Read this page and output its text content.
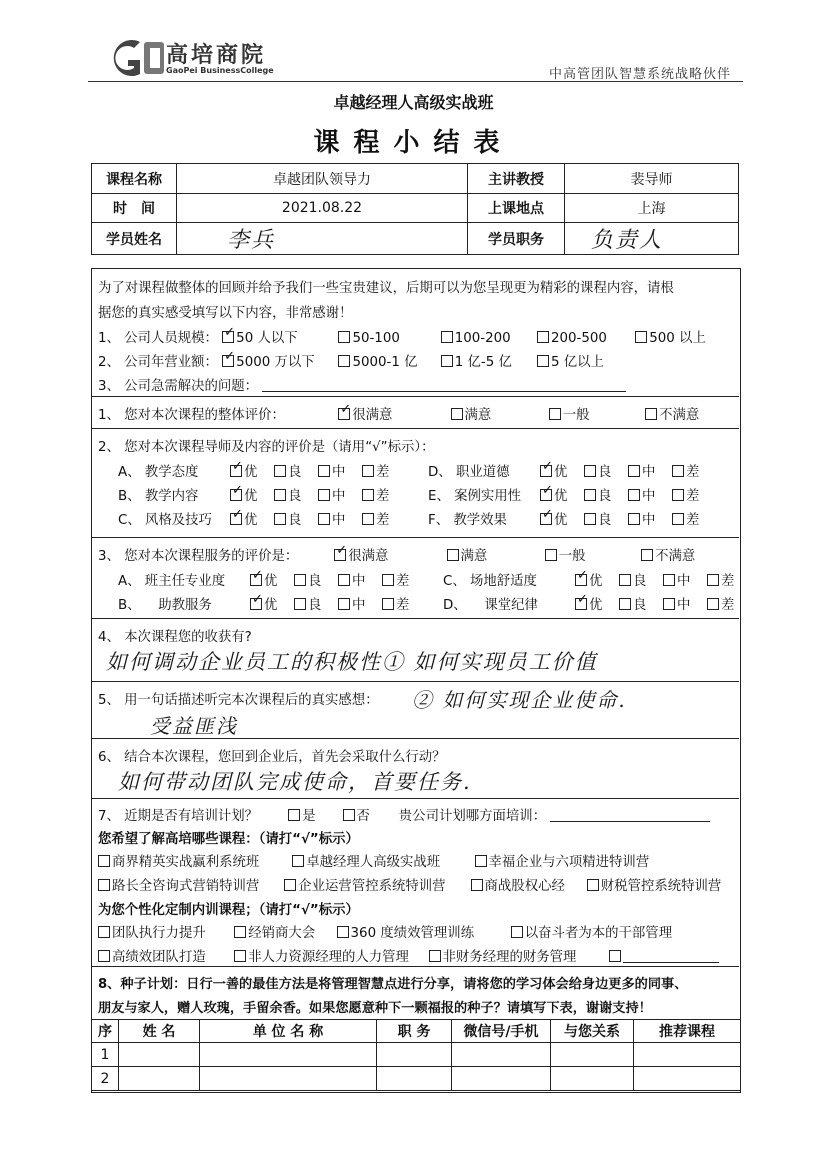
高培商院
GaoPei BusinessCollege	中高管团队智慧系统战略伙伴
卓越经理人高级实战班
课程小结表
课程名称	卓越团队领导力	主讲教授	裴导师
时　间	2021.08.22	上课地点	上海
学员姓名	李兵	学员职务	负责人
为了对课程做整体的回顾并给予我们一些宝贵建议，后期可以为您呈现更为精彩的课程内容，请根
据您的真实感受填写以下内容，非常感谢！
1、 公司人员规模： ✓ 50 人以下	50-100	100-200	200-500	500 以上
2、 公司年营业额： ✓ 5000 万以下	5000-1 亿	1 亿-5 亿	5 亿以上
3、 公司急需解决的问题：
1、 您对本次课程的整体评价： ✓	很满意	满意	一般	不满意
2、 您对本次课程导师及内容的评价是（请用“√”标示）：
A、 教学态度 ✓	优 良 中 差	D、 职业道德 ✓	优 良 中 差
B、 教学内容 ✓	优 良 中 差	E、 案例实用性 ✓ 优 良 中 差
C、 风格及技巧 ✓ 优 良 中 差	F、 教学效果 ✓	优 良 中 差
3、 您对本次课程服务的评价是： ✓	很满意	满意	一般	不满意
A、 班主任专业度 ✓	优 良 中 差	C、 场地舒适度 ✓	优 良 中 差
B、 　助教服务 ✓	优 良 中 差	D、 　课堂纪律 ✓	优 良 中 差
4、 本次课程您的收获有?
如何调动企业员工的积极性① 如何实现员工价值
5、 用一句话描述听完本次课程后的真实感想： ② 如何实现企业使命.
受益匪浅
6、 结合本次课程，您回到企业后，首先会采取什么行动？
如何带动团队完成使命，首要任务.
7、 近期是否有培训计划？	是	否 贵公司计划哪方面培训：
您希望了解高培哪些课程：（请打“√”标示）
商界精英实战赢利系统班	卓越经理人高级实战班	幸福企业与六项精进特训营
路长全咨询式营销特训营	企业运营管控系统特训营	商战股权心经	财税管控系统特训营
为您个性化定制内训课程；（请打“√”标示）
团队执行力提升	经销商大会	360 度绩效管理训练	以奋斗者为本的干部管理
高绩效团队打造	非人力资源经理的人力管理	非财务经理的财务管理
8、种子计划：日行一善的最佳方法是将管理智慧点进行分享，请将您的学习体会给身边更多的同事、
朋友与家人，赠人玫瑰，手留余香。如果您愿意种下一颗福报的种子？请填写下表，谢谢支持！
序	姓 名	单 位 名 称	职 务	微信号/手机	与您关系	推荐课程
1						
2						
